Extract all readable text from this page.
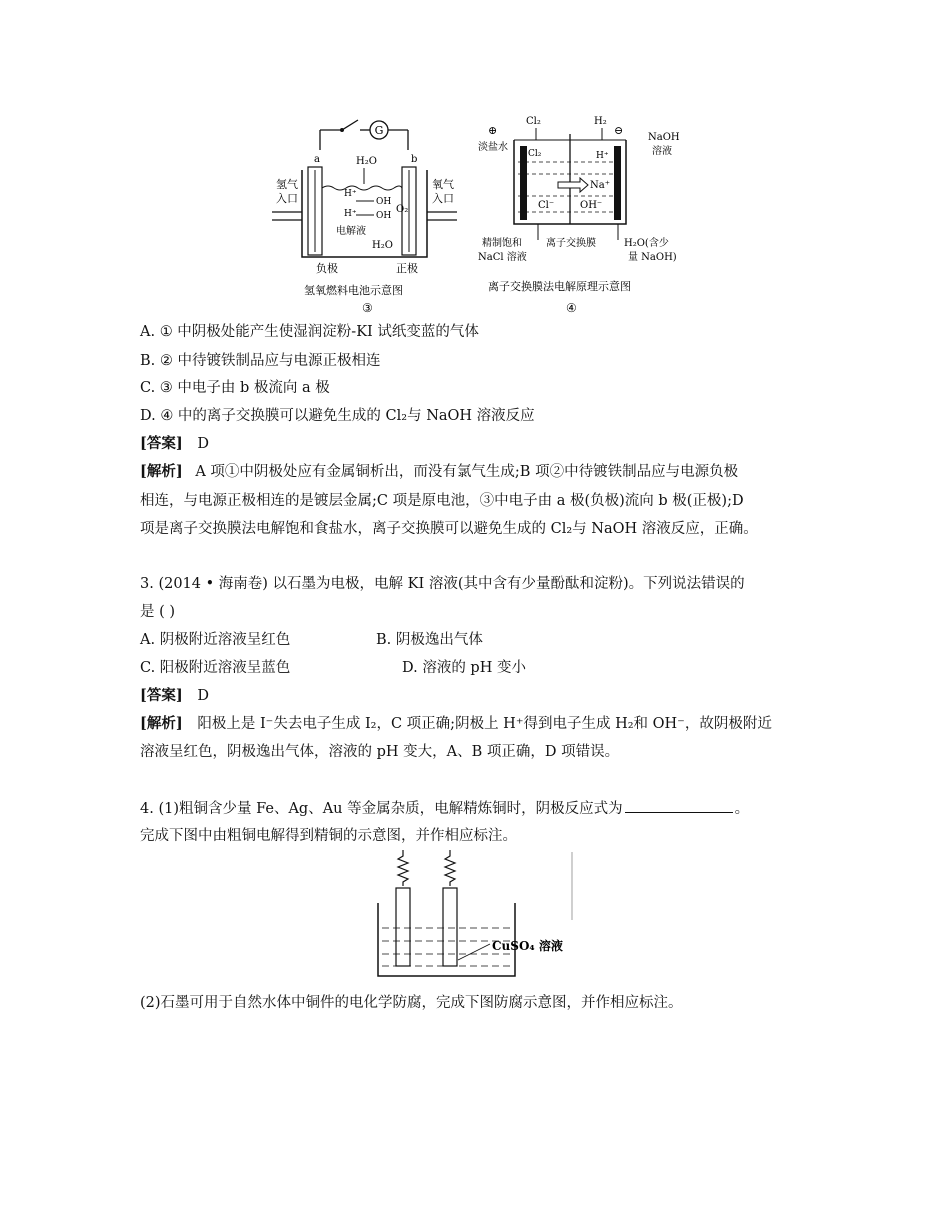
G
a	b
氢气
入口
氧气
入口
H₂O
H⁺
OH
H⁺ OH
O₂
电解液
H₂O
负极	正极
氢氧燃料电池示意图
③
⊕	⊖
Cl₂	H₂
NaOH
溶液
淡盐水
Cl₂	H⁺
Na⁺
Cl⁻	OH⁻
精制饱和
NaCl 溶液
离子交换膜	H₂O(含少
量 NaOH)
离子交换膜法电解原理示意图
④
A. ① 中阴极处能产生使湿润淀粉-KI 试纸变蓝的气体
B. ② 中待镀铁制品应与电源正极相连
C. ③ 中电子由 b 极流向 a 极
D. ④ 中的离子交换膜可以避免生成的 Cl₂与 NaOH 溶液反应
[答案] D
[解析] A 项①中阴极处应有金属铜析出，而没有氯气生成;B 项②中待镀铁制品应与电源负极
相连，与电源正极相连的是镀层金属;C 项是原电池，③中电子由 a 极(负极)流向 b 极(正极);D
项是离子交换膜法电解饱和食盐水，离子交换膜可以避免生成的 Cl₂与 NaOH 溶液反应，正确。
3. (2014 • 海南卷) 以石墨为电极，电解 KI 溶液(其中含有少量酚酞和淀粉)。下列说法错误的
是 ( )
A. 阴极附近溶液呈红色	B. 阴极逸出气体
C. 阳极附近溶液呈蓝色	D. 溶液的 pH 变小
[答案] D
[解析] 阳极上是 I⁻失去电子生成 I₂，C 项正确;阴极上 H⁺得到电子生成 H₂和 OH⁻，故阴极附近
溶液呈红色，阴极逸出气体，溶液的 pH 变大，A、B 项正确，D 项错误。
4. (1)粗铜含少量 Fe、Ag、Au 等金属杂质，电解精炼铜时，阴极反应式为	。
完成下图中由粗铜电解得到精铜的示意图，并作相应标注。
CuSO₄ 溶液
(2)石墨可用于自然水体中铜件的电化学防腐，完成下图防腐示意图，并作相应标注。
